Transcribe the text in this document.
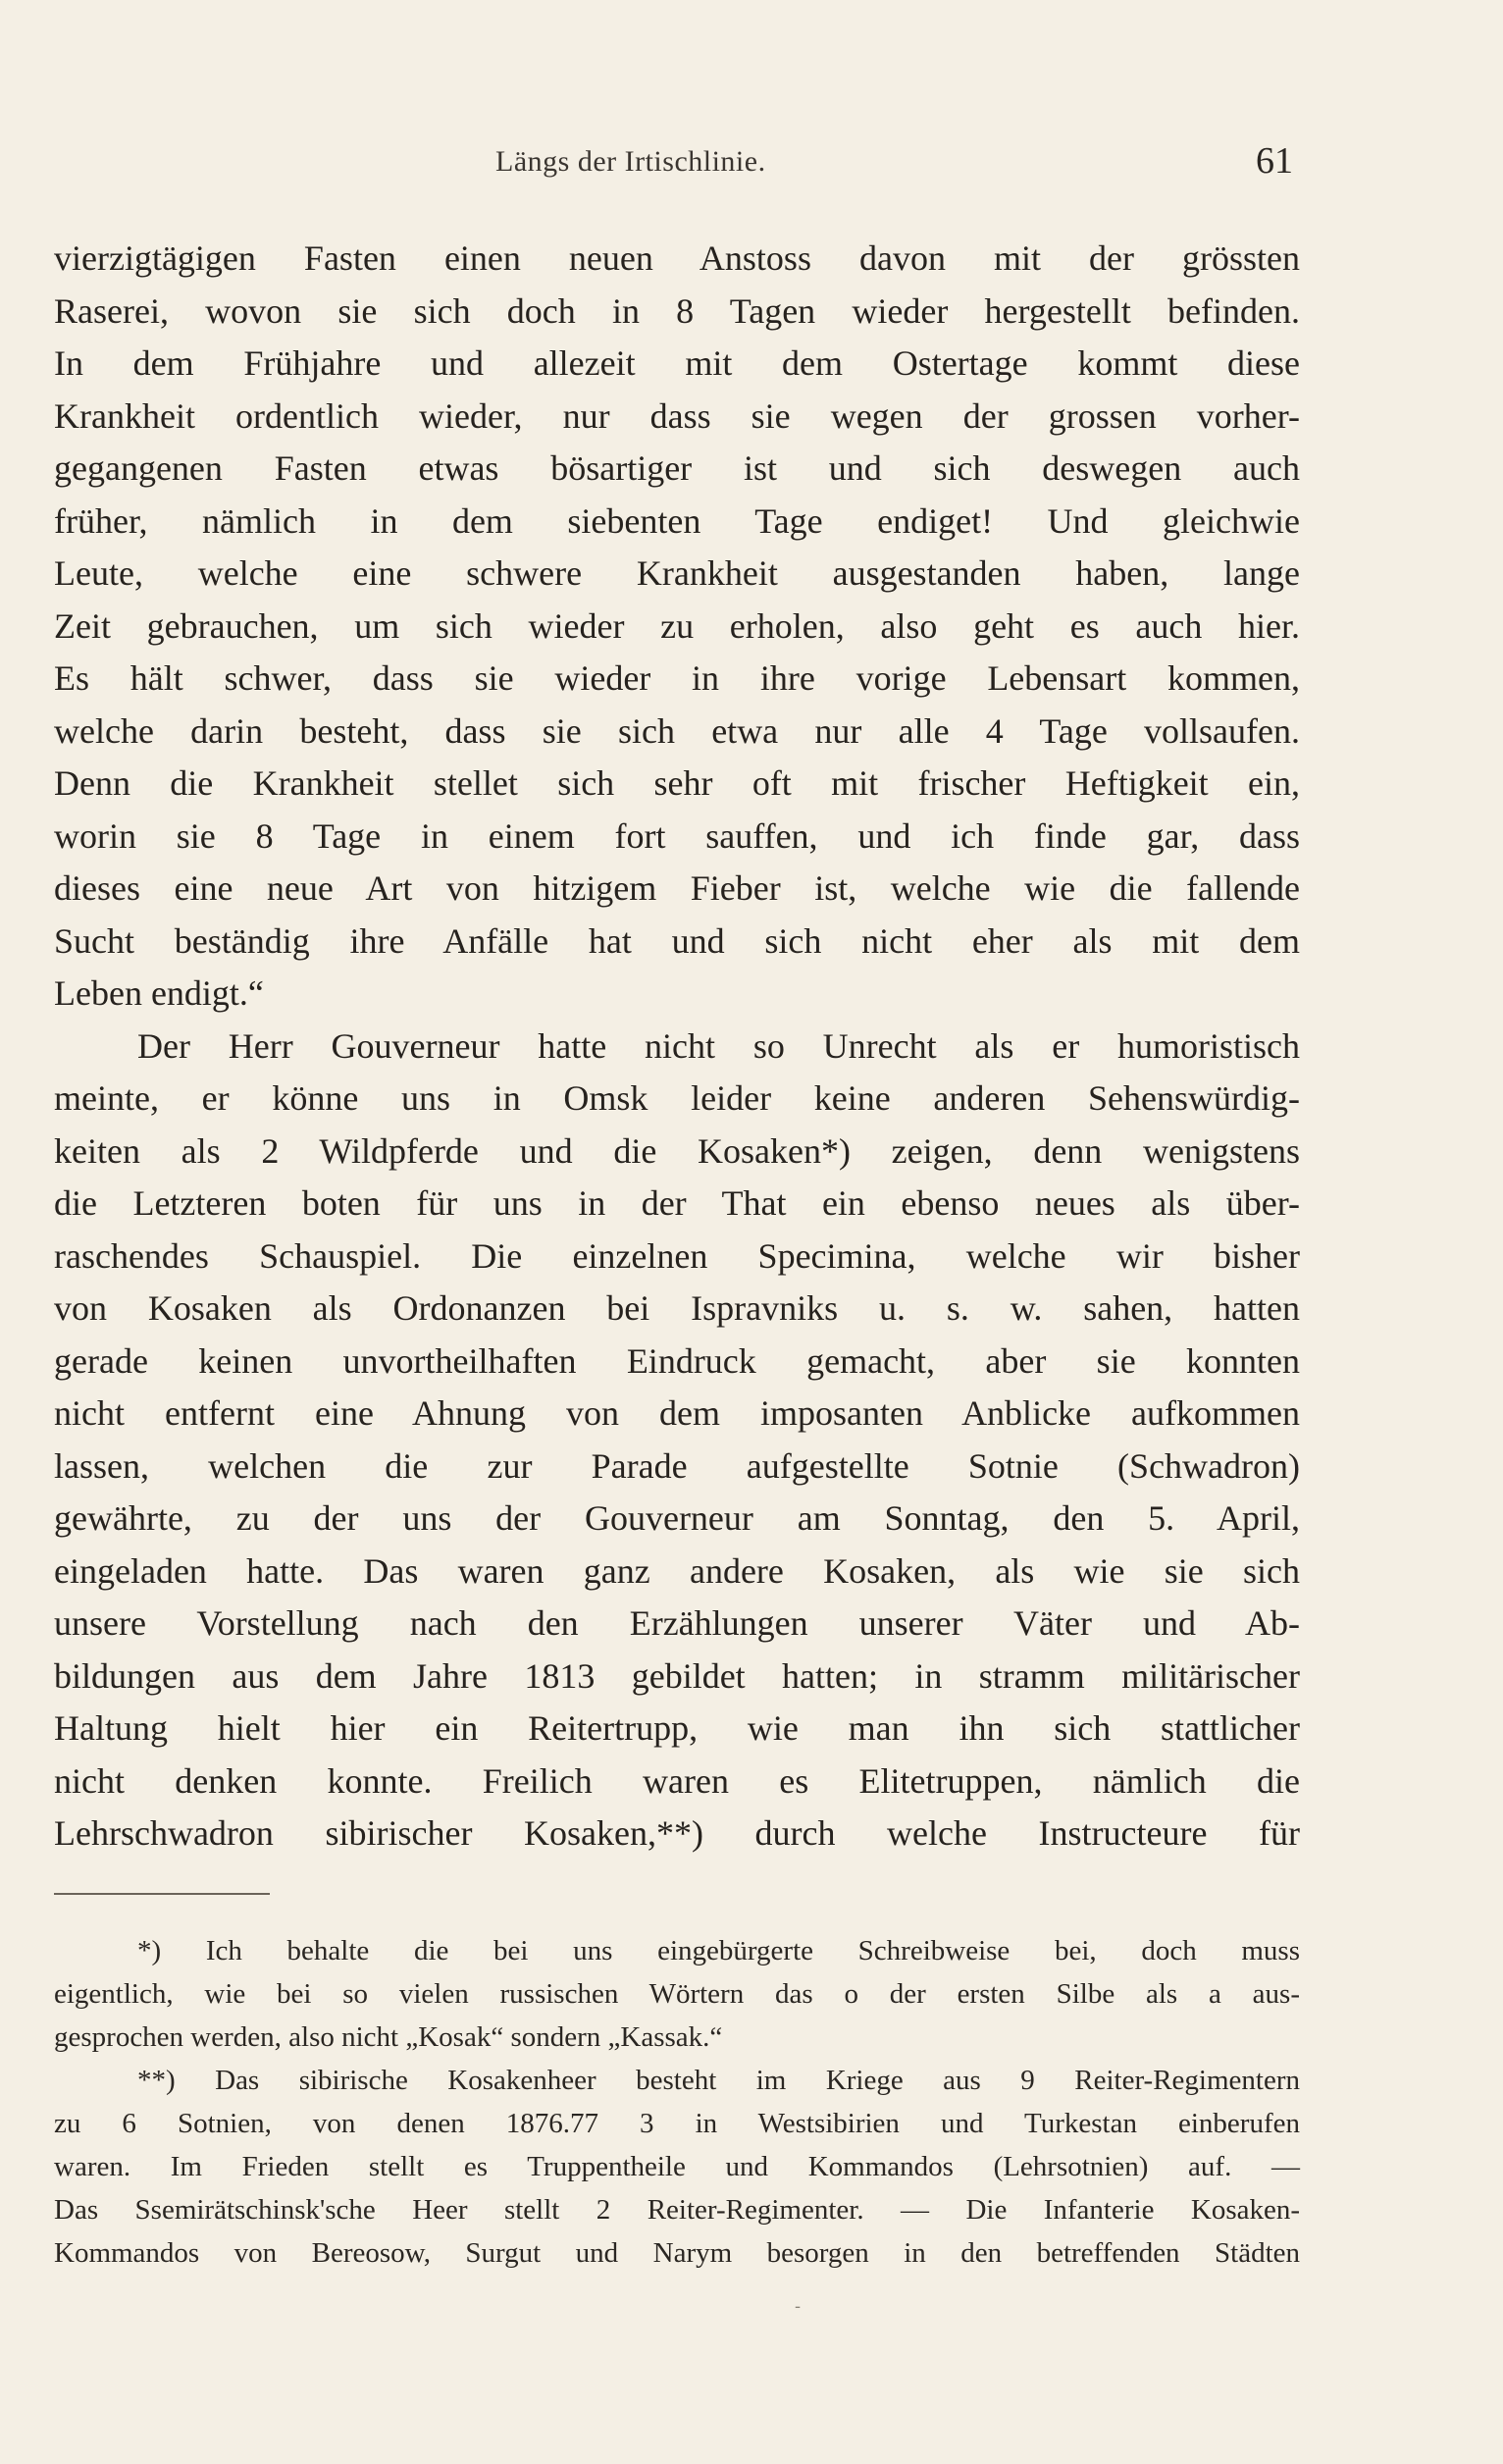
Längs der Irtischlinie.	61
vierzigtägigen Fasten einen neuen Anstoss davon mit der grössten
Raserei, wovon sie sich doch in 8 Tagen wieder hergestellt befinden.
In dem Frühjahre und allezeit mit dem Ostertage kommt diese
Krankheit ordentlich wieder, nur dass sie wegen der grossen vorher-
gegangenen Fasten etwas bösartiger ist und sich deswegen auch
früher, nämlich in dem siebenten Tage endiget! Und gleichwie
Leute, welche eine schwere Krankheit ausgestanden haben, lange
Zeit gebrauchen, um sich wieder zu erholen, also geht es auch hier.
Es hält schwer, dass sie wieder in ihre vorige Lebensart kommen,
welche darin besteht, dass sie sich etwa nur alle 4 Tage vollsaufen.
Denn die Krankheit stellet sich sehr oft mit frischer Heftigkeit ein,
worin sie 8 Tage in einem fort sauffen, und ich finde gar, dass
dieses eine neue Art von hitzigem Fieber ist, welche wie die fallende
Sucht beständig ihre Anfälle hat und sich nicht eher als mit dem
Leben endigt.“
Der Herr Gouverneur hatte nicht so Unrecht als er humoristisch
meinte, er könne uns in Omsk leider keine anderen Sehenswürdig-
keiten als 2 Wildpferde und die Kosaken*) zeigen, denn wenigstens
die Letzteren boten für uns in der That ein ebenso neues als über-
raschendes Schauspiel. Die einzelnen Specimina, welche wir bisher
von Kosaken als Ordonanzen bei Ispravniks u. s. w. sahen, hatten
gerade keinen unvortheilhaften Eindruck gemacht, aber sie konnten
nicht entfernt eine Ahnung von dem imposanten Anblicke aufkommen
lassen, welchen die zur Parade aufgestellte Sotnie (Schwadron)
gewährte, zu der uns der Gouverneur am Sonntag, den 5. April,
eingeladen hatte. Das waren ganz andere Kosaken, als wie sie sich
unsere Vorstellung nach den Erzählungen unserer Väter und Ab-
bildungen aus dem Jahre 1813 gebildet hatten; in stramm militärischer
Haltung hielt hier ein Reitertrupp, wie man ihn sich stattlicher
nicht denken konnte. Freilich waren es Elitetruppen, nämlich die
Lehrschwadron sibirischer Kosaken,**) durch welche Instructeure für
*) Ich behalte die bei uns eingebürgerte Schreibweise bei, doch muss
eigentlich, wie bei so vielen russischen Wörtern das o der ersten Silbe als a aus-
gesprochen werden, also nicht „Kosak“ sondern „Kassak.“
**) Das sibirische Kosakenheer besteht im Kriege aus 9 Reiter-Regimentern
zu 6 Sotnien, von denen 1876.77 3 in Westsibirien und Turkestan einberufen
waren. Im Frieden stellt es Truppentheile und Kommandos (Lehrsotnien) auf. —
Das Ssemirätschinsk'sche Heer stellt 2 Reiter-Regimenter. — Die Infanterie Kosaken-
Kommandos von Bereosow, Surgut und Narym besorgen in den betreffenden Städten
‑
